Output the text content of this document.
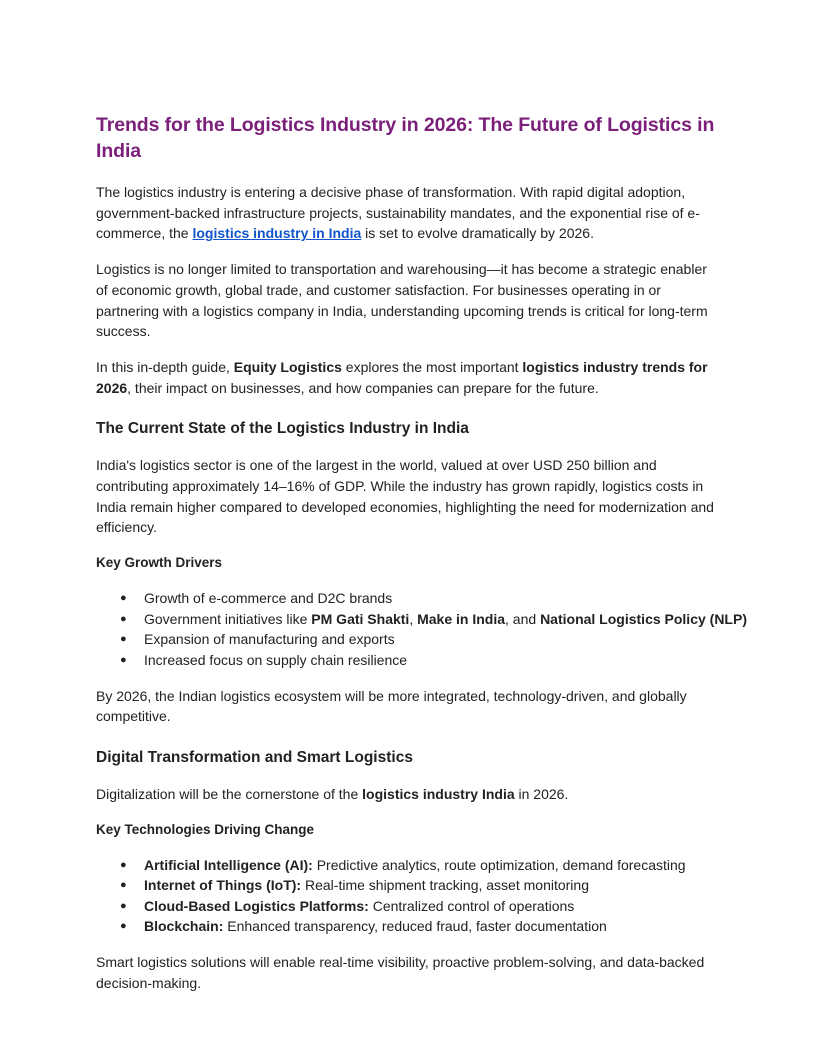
Trends for the Logistics Industry in 2026: The Future of Logistics in India

The logistics industry is entering a decisive phase of transformation. With rapid digital adoption, government-backed infrastructure projects, sustainability mandates, and the exponential rise of e-commerce, the logistics industry in India is set to evolve dramatically by 2026.

Logistics is no longer limited to transportation and warehousing—it has become a strategic enabler of economic growth, global trade, and customer satisfaction. For businesses operating in or partnering with a logistics company in India, understanding upcoming trends is critical for long-term success.

In this in-depth guide, Equity Logistics explores the most important logistics industry trends for 2026, their impact on businesses, and how companies can prepare for the future.

The Current State of the Logistics Industry in India

India's logistics sector is one of the largest in the world, valued at over USD 250 billion and contributing approximately 14–16% of GDP. While the industry has grown rapidly, logistics costs in India remain higher compared to developed economies, highlighting the need for modernization and efficiency.

Key Growth Drivers
● Growth of e-commerce and D2C brands
● Government initiatives like PM Gati Shakti, Make in India, and National Logistics Policy (NLP)
● Expansion of manufacturing and exports
● Increased focus on supply chain resilience

By 2026, the Indian logistics ecosystem will be more integrated, technology-driven, and globally competitive.

Digital Transformation and Smart Logistics

Digitalization will be the cornerstone of the logistics industry India in 2026.

Key Technologies Driving Change
● Artificial Intelligence (AI): Predictive analytics, route optimization, demand forecasting
● Internet of Things (IoT): Real-time shipment tracking, asset monitoring
● Cloud-Based Logistics Platforms: Centralized control of operations
● Blockchain: Enhanced transparency, reduced fraud, faster documentation

Smart logistics solutions will enable real-time visibility, proactive problem-solving, and data-backed decision-making.
